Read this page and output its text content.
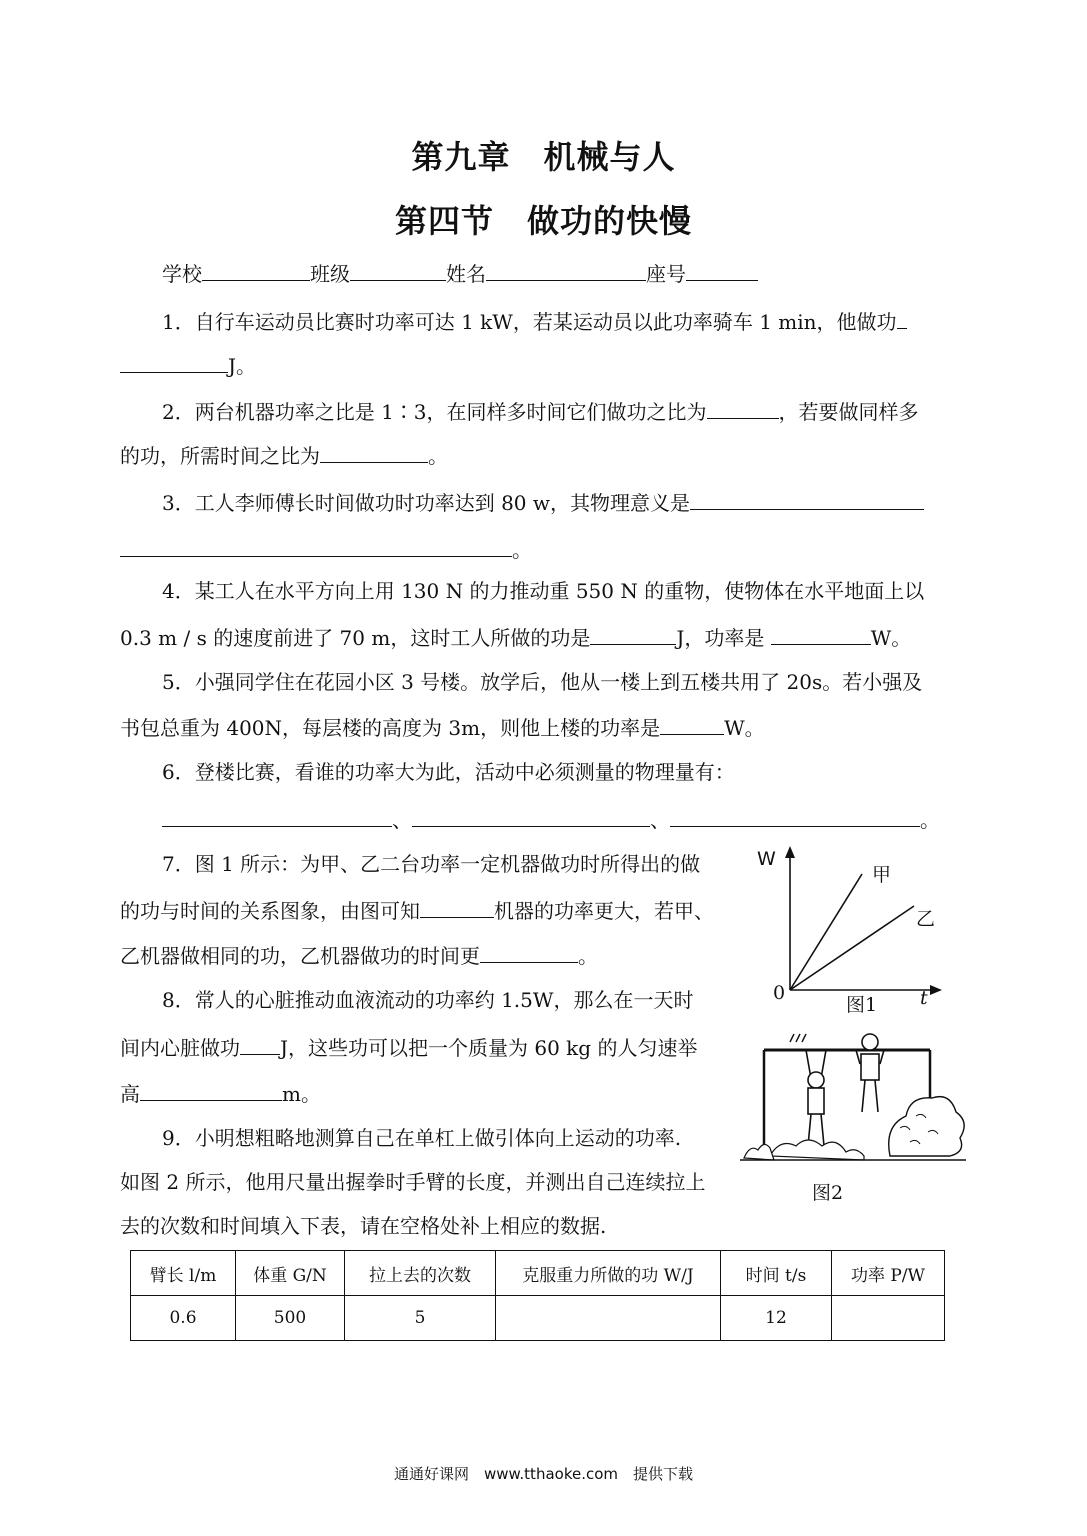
第九章　机械与人
第四节　做功的快慢
学校	班级	姓名	座号
1．自行车运动员比赛时功率可达 1 kW，若某运动员以此功率骑车 1 min，他做功
J。
2．两台机器功率之比是 1∶3，在同样多时间它们做功之比为	，若要做同样多
的功，所需时间之比为	。
3．工人李师傅长时间做功时功率达到 80 w，其物理意义是
。
4．某工人在水平方向上用 130 N 的力推动重 550 N 的重物，使物体在水平地面上以
0.3 m / s 的速度前进了 70 m，这时工人所做的功是	J，功率是	W。
5．小强同学住在花园小区 3 号楼。放学后，他从一楼上到五楼共用了 20s。若小强及
书包总重为 400N，每层楼的高度为 3m，则他上楼的功率是	W。
6．登楼比赛，看谁的功率大为此，活动中必须测量的物理量有：
、	、	。
7．图 1 所示：为甲、乙二台功率一定机器做功时所得出的做
的功与时间的关系图象，由图可知	机器的功率更大，若甲、
乙机器做相同的功，乙机器做功的时间更	。
8．常人的心脏推动血液流动的功率约 1.5W，那么在一天时
间内心脏做功 J，这些功可以把一个质量为 60 kg 的人匀速举
高	m。
9．小明想粗略地测算自己在单杠上做引体向上运动的功率.
如图 2 所示，他用尺量出握拳时手臂的长度，并测出自己连续拉上
去的次数和时间填入下表，请在空格处补上相应的数据.
W
0	t
甲
乙
图1
图2
臂长 l/m	体重 G/N	拉上去的次数	克服重力所做的功 W/J	时间 t/s	功率 P/W
0.6	500	5		12	
通通好课网　www.tthaoke.com　提供下载
